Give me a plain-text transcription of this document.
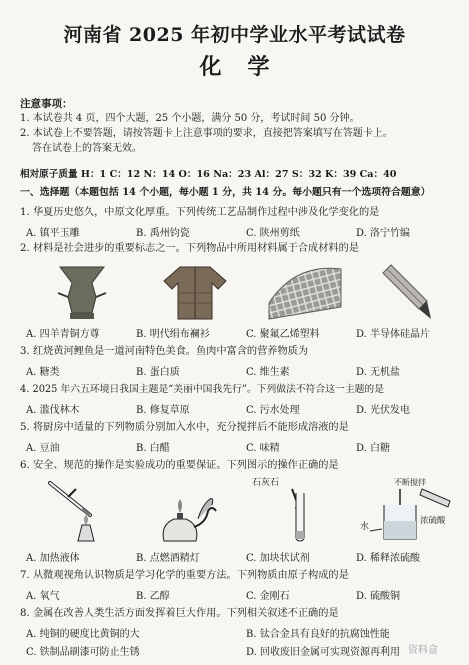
河南省 2025 年初中学业水平考试试卷
化学
注意事项：
1. 本试卷共 4 页，四个大题，25 个小题，满分 50 分，考试时间 50 分钟。
2. 本试卷上不要答题，请按答题卡上注意事项的要求，直接把答案填写在答题卡上。
答在试卷上的答案无效。
相对原子质量 H：1 C：12 N：14 O：16 Na：23 Al：27 S：32 K：39 Ca：40
一、选择题（本题包括 14 个小题，每小题 1 分，共 14 分。每小题只有一个选项符合题意）
1. 华夏历史悠久，中原文化厚重。下列传统工艺品制作过程中涉及化学变化的是
A. 镇平玉雕	B. 禹州钧瓷	C. 陕州剪纸	D. 洛宁竹编
2. 材料是社会进步的重要标志之一。下列物品中所用材料属于合成材料的是
A. 四羊青铜方尊	B. 明代绢布襕衫	C. 聚氟乙烯塑料	D. 半导体硅晶片
3. 红烧黄河鲤鱼是一道河南特色美食。鱼肉中富含的营养物质为
A. 糖类	B. 蛋白质	C. 维生素	D. 无机盐
4. 2025 年六五环境日我国主题是“美丽中国我先行”。下列做法不符合这一主题的是
A. 滥伐林木	B. 修复草原	C. 污水处理	D. 光伏发电
5. 将厨房中适量的下列物质分别加入水中，充分搅拌后不能形成溶液的是
A. 豆油	B. 白醋	C. 味精	D. 白糖
6. 安全、规范的操作是实验成功的重要保证。下列图示的操作正确的是
石灰石	不断搅拌
浓硫酸
水
A. 加热液体	B. 点燃酒精灯	C. 加块状试剂	D. 稀释浓硫酸
7. 从微观视角认识物质是学习化学的重要方法。下列物质由原子构成的是
A. 氧气	B. 乙醇	C. 金刚石	D. 硫酸铜
8. 金属在改善人类生活方面发挥着巨大作用。下列相关叙述不正确的是
A. 纯铜的硬度比黄铜的大	B. 钛合金具有良好的抗腐蚀性能
C. 铁制品刷漆可防止生锈	D. 回收废旧金属可实现资源再利用 资料盒
